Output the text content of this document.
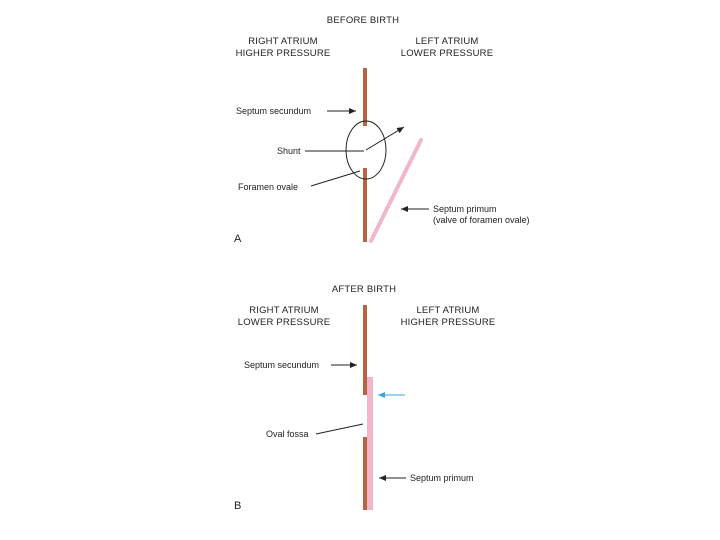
BEFORE BIRTH
RIGHT ATRIUM
HIGHER PRESSURE
LEFT ATRIUM
LOWER PRESSURE
Septum secundum
Shunt
Foramen ovale
Septum primum
(valve of foramen ovale)
A
AFTER BIRTH
RIGHT ATRIUM
LOWER PRESSURE
LEFT ATRIUM
HIGHER PRESSURE
Septum secundum
Oval fossa
Septum primum
B
